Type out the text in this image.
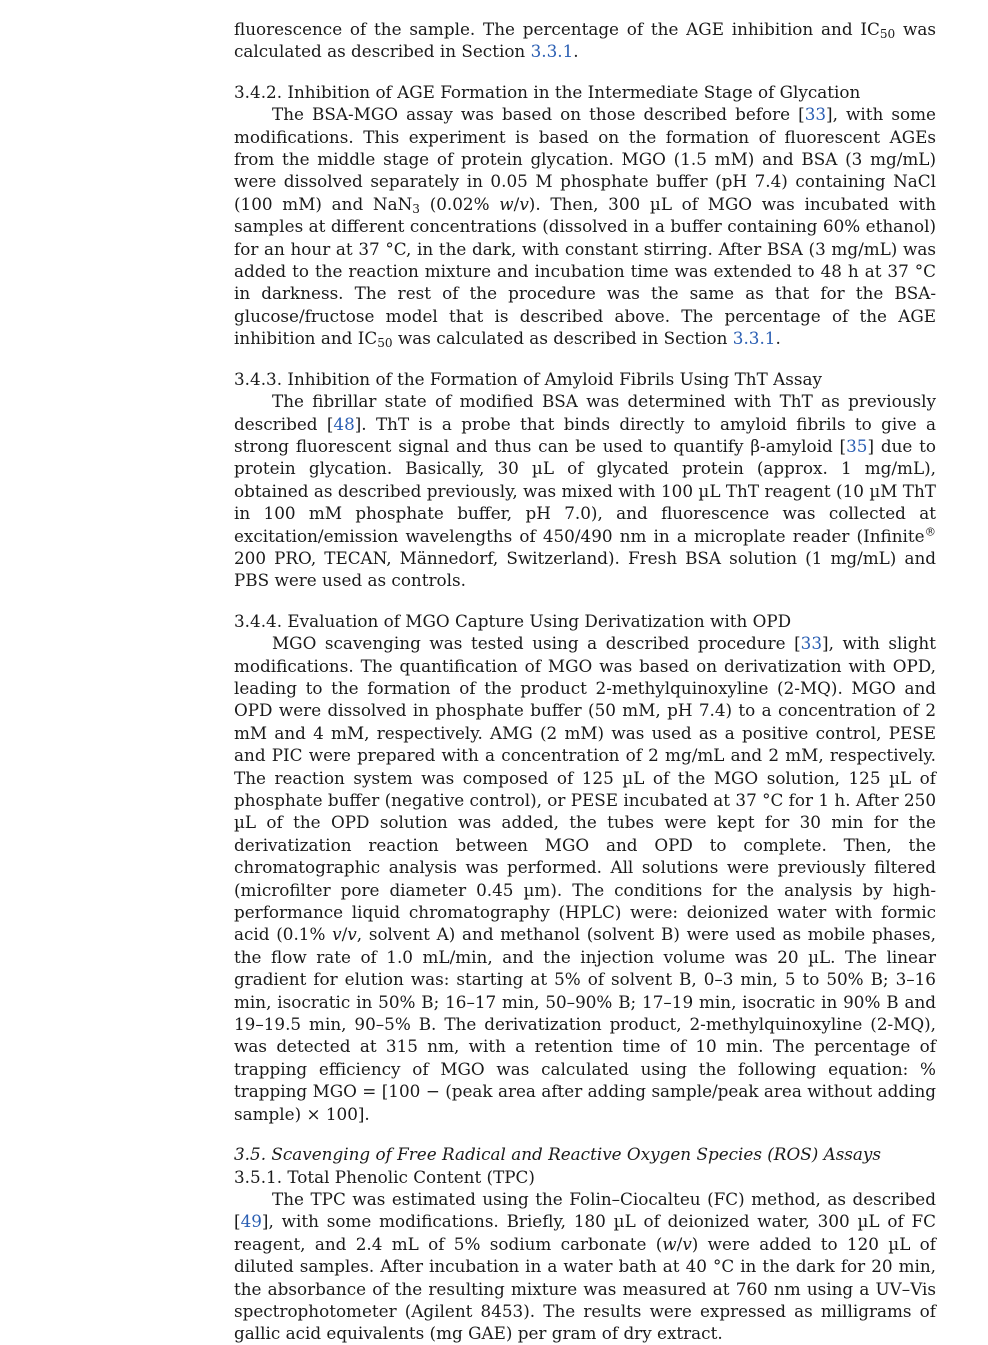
fluorescence of the sample. The percentage of the AGE inhibition and $IC_{50}$ was calculated as described in Section 3.3.1.

3.4.2. Inhibition of AGE Formation in the Intermediate Stage of Glycation

The BSA-MGO assay was based on those described before [33], with some modifications. This experiment is based on the formation of fluorescent AGEs from the middle stage of protein glycation. MGO (1.5 mM) and BSA (3 mg/mL) were dissolved separately in 0.05 M phosphate buffer (pH 7.4) containing NaCl (100 mM) and NaN$_3$ (0.02% w/v). Then, 300 µL of MGO was incubated with samples at different concentrations (dissolved in a buffer containing 60% ethanol) for an hour at 37 °C, in the dark, with constant stirring. After BSA (3 mg/mL) was added to the reaction mixture and incubation time was extended to 48 h at 37 °C in darkness. The rest of the procedure was the same as that for the BSA-glucose/fructose model that is described above. The percentage of the AGE inhibition and $IC_{50}$ was calculated as described in Section 3.3.1.

3.4.3. Inhibition of the Formation of Amyloid Fibrils Using ThT Assay

The fibrillar state of modified BSA was determined with ThT as previously described [48]. ThT is a probe that binds directly to amyloid fibrils to give a strong fluorescent signal and thus can be used to quantify β-amyloid [35] due to protein glycation. Basically, 30 µL of glycated protein (approx. 1 mg/mL), obtained as described previously, was mixed with 100 µL ThT reagent (10 µM ThT in 100 mM phosphate buffer, pH 7.0), and fluorescence was collected at excitation/emission wavelengths of 450/490 nm in a microplate reader (Infinite® 200 PRO, TECAN, Männedorf, Switzerland). Fresh BSA solution (1 mg/mL) and PBS were used as controls.

3.4.4. Evaluation of MGO Capture Using Derivatization with OPD

MGO scavenging was tested using a described procedure [33], with slight modifications. The quantification of MGO was based on derivatization with OPD, leading to the formation of the product 2-methylquinoxyline (2-MQ). MGO and OPD were dissolved in phosphate buffer (50 mM, pH 7.4) to a concentration of 2 mM and 4 mM, respectively. AMG (2 mM) was used as a positive control, PESE and PIC were prepared with a concentration of 2 mg/mL and 2 mM, respectively. The reaction system was composed of 125 µL of the MGO solution, 125 µL of phosphate buffer (negative control), or PESE incubated at 37 °C for 1 h. After 250 µL of the OPD solution was added, the tubes were kept for 30 min for the derivatization reaction between MGO and OPD to complete. Then, the chromatographic analysis was performed. All solutions were previously filtered (microfilter pore diameter 0.45 µm). The conditions for the analysis by high-performance liquid chromatography (HPLC) were: deionized water with formic acid (0.1% v/v, solvent A) and methanol (solvent B) were used as mobile phases, the flow rate of 1.0 mL/min, and the injection volume was 20 µL. The linear gradient for elution was: starting at 5% of solvent B, 0–3 min, 5 to 50% B; 3–16 min, isocratic in 50% B; 16–17 min, 50–90% B; 17–19 min, isocratic in 90% B and 19–19.5 min, 90–5% B. The derivatization product, 2-methylquinoxyline (2-MQ), was detected at 315 nm, with a retention time of 10 min. The percentage of trapping efficiency of MGO was calculated using the following equation: % trapping MGO = [100 − (peak area after adding sample/peak area without adding sample) × 100].

3.5. Scavenging of Free Radical and Reactive Oxygen Species (ROS) Assays

3.5.1. Total Phenolic Content (TPC)

The TPC was estimated using the Folin–Ciocalteu (FC) method, as described [49], with some modifications. Briefly, 180 µL of deionized water, 300 µL of FC reagent, and 2.4 mL of 5% sodium carbonate (w/v) were added to 120 µL of diluted samples. After incubation in a water bath at 40 °C in the dark for 20 min, the absorbance of the resulting mixture was measured at 760 nm using a UV–Vis spectrophotometer (Agilent 8453). The results were expressed as milligrams of gallic acid equivalents (mg GAE) per gram of dry extract.
